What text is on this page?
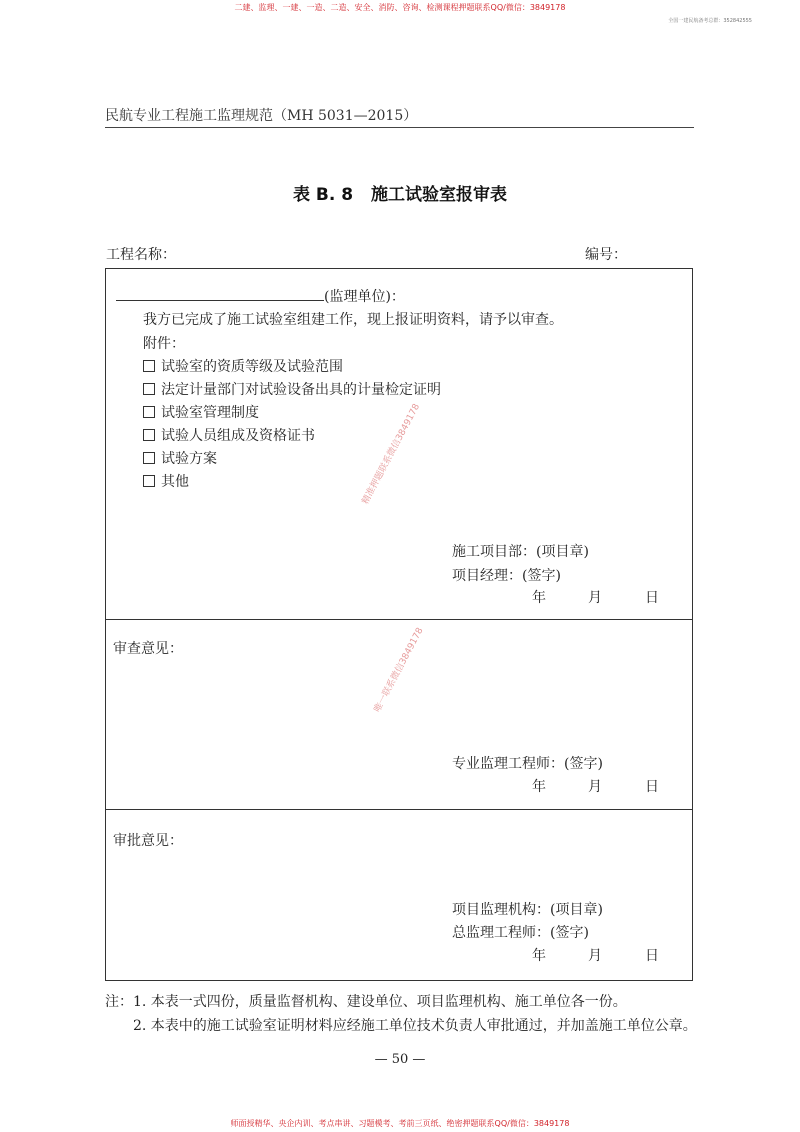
二建、监理、一建、一造、二造、安全、消防、咨询、检测课程押题联系QQ/微信：3849178
全国一建民航备考总群：352842555
民航专业工程施工监理规范（MH 5031—2015）
表 B. 8 施工试验室报审表
工程名称：	编号：
(监理单位)：
我方已完成了施工试验室组建工作，现上报证明资料，请予以审查。
附件：
试验室的资质等级及试验范围
法定计量部门对试验设备出具的计量检定证明
试验室管理制度
试验人员组成及资格证书
试验方案
其他
施工项目部：(项目章)
项目经理：(签字)
年	月	日
审查意见：
专业监理工程师：(签字)
年	月	日
审批意见：
项目监理机构：(项目章)
总监理工程师：(签字)
年	月	日
精准押题联系微信3849178
唯一联系微信3849178
注：1. 本表一式四份，质量监督机构、建设单位、项目监理机构、施工单位各一份。
2. 本表中的施工试验室证明材料应经施工单位技术负责人审批通过，并加盖施工单位公章。
— 50 —
师面授精华、央企内训、考点串讲、习题模考、考前三页纸、绝密押题联系QQ/微信：3849178
